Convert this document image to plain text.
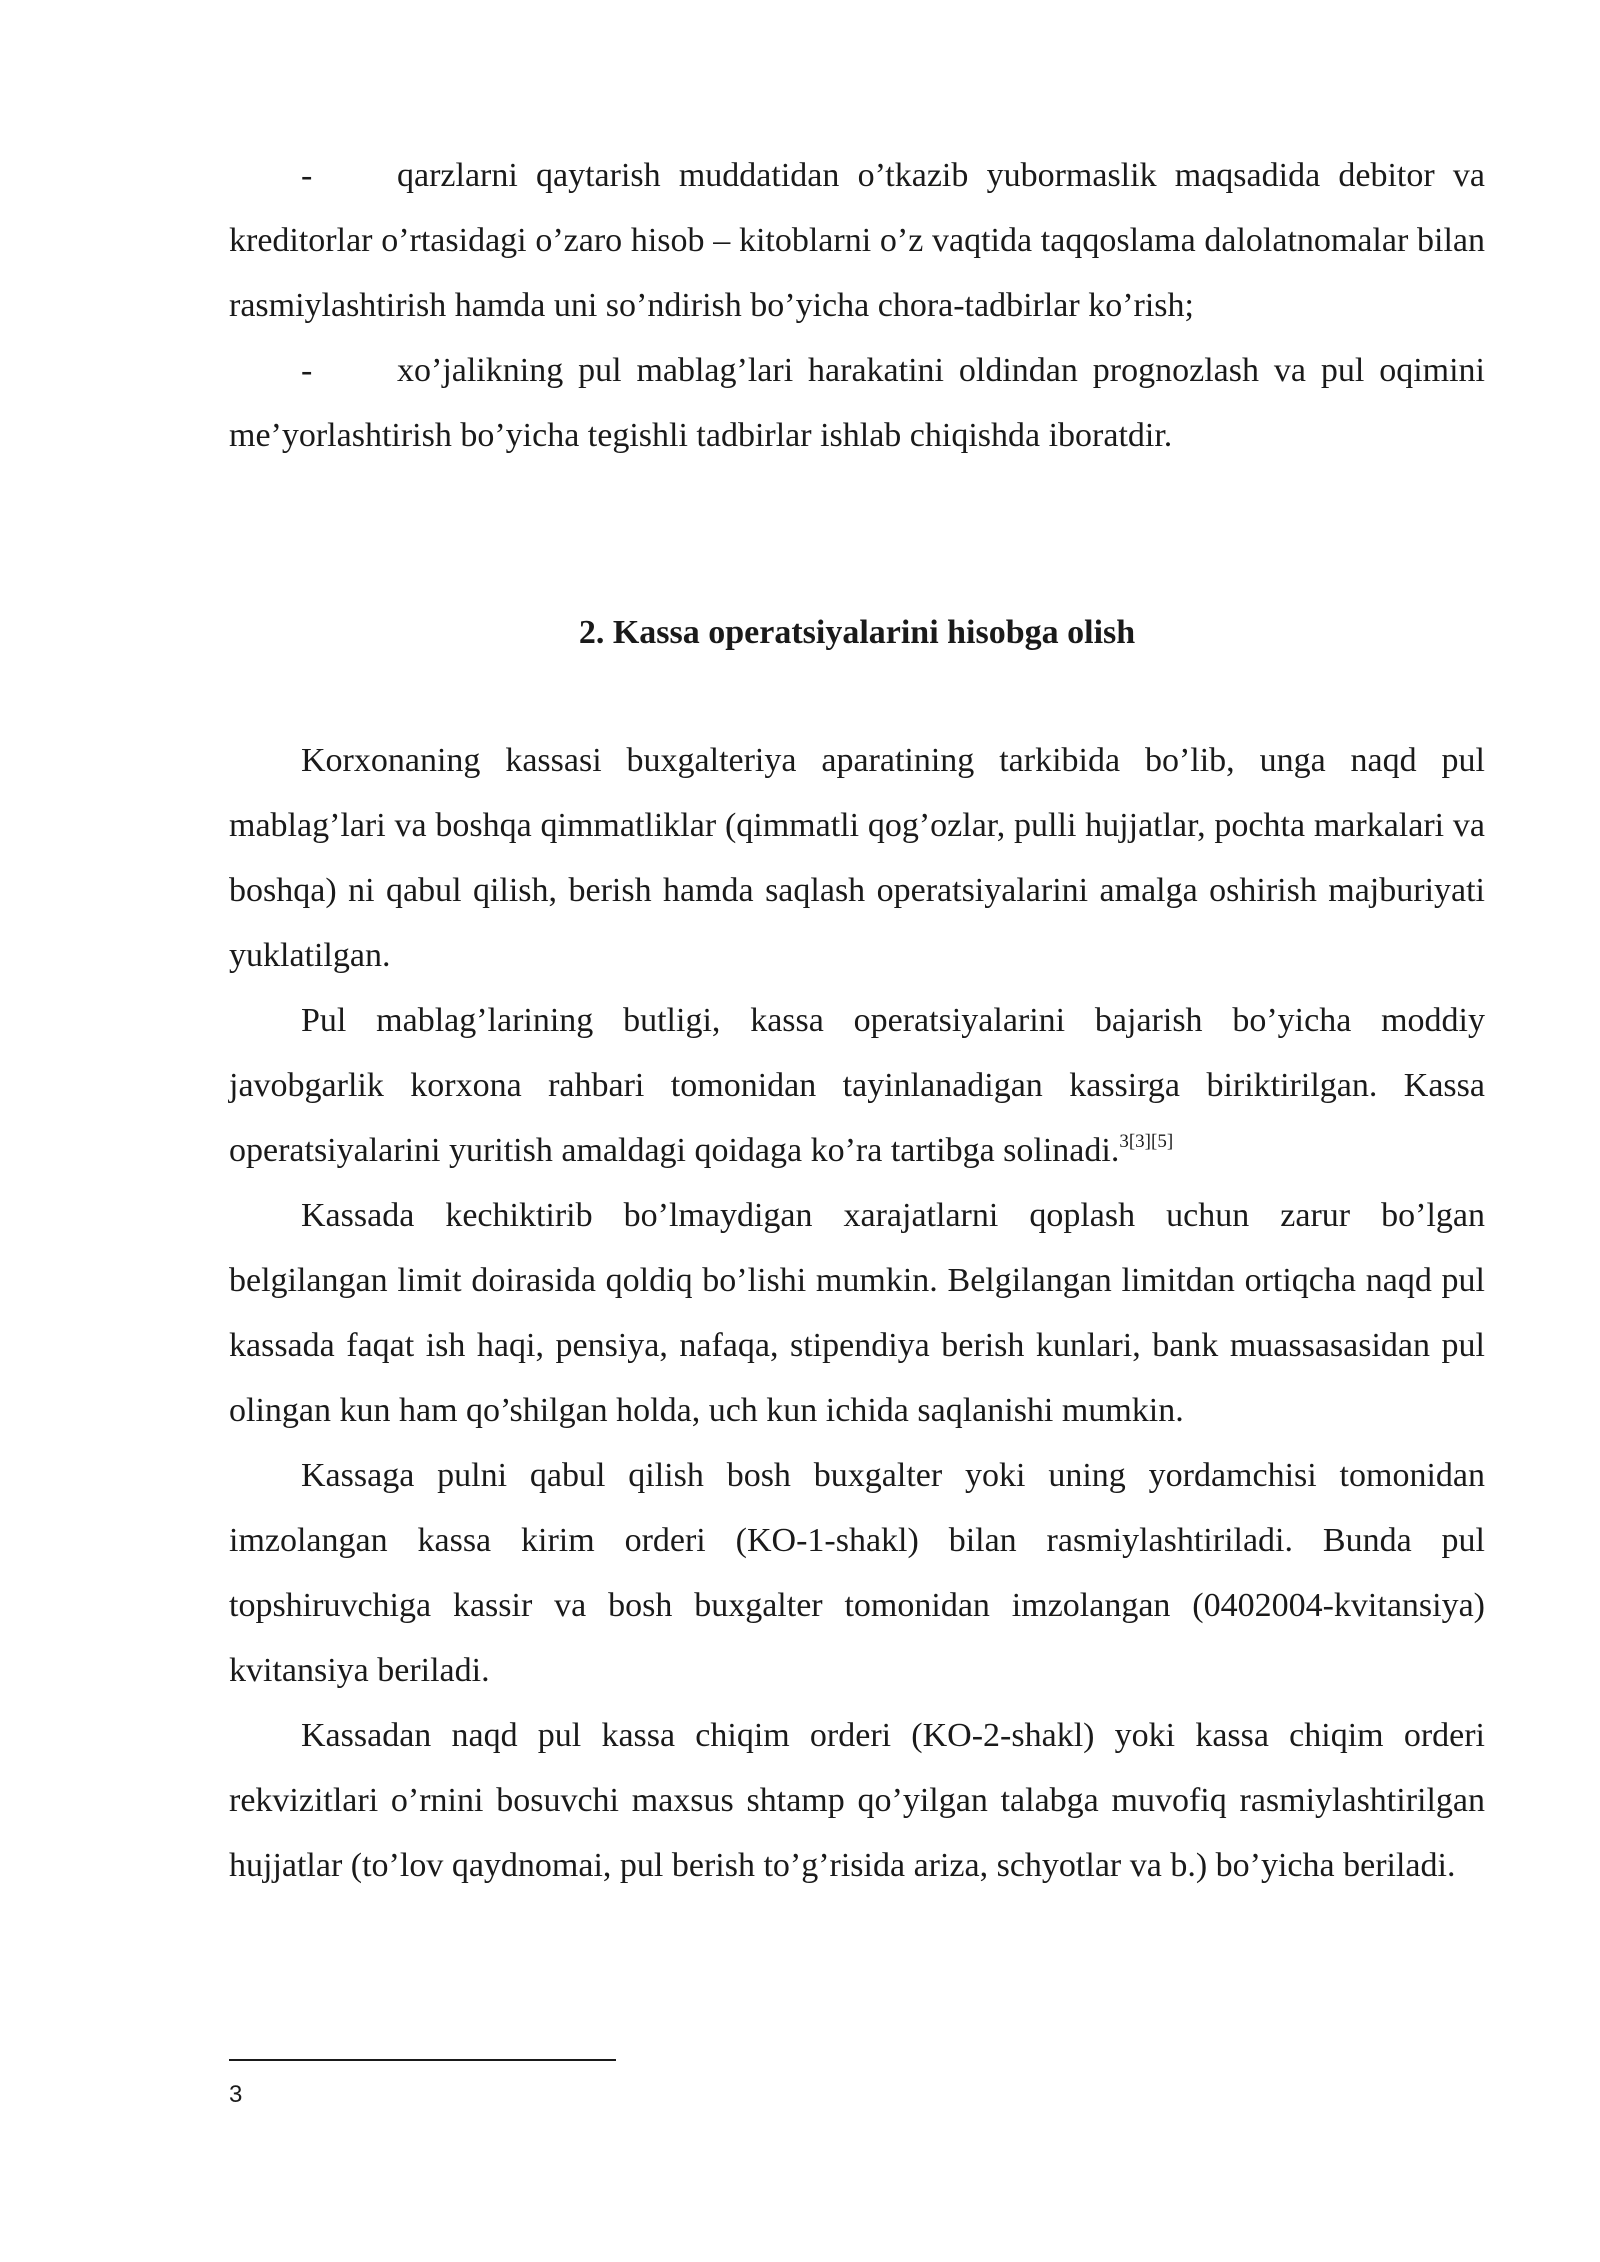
- qarzlarni qaytarish muddatidan o’tkazib yubormaslik maqsadida debitor va kreditorlar o’rtasidagi o’zaro hisob – kitoblarni o’z vaqtida taqqoslama dalolatnomalar bilan rasmiylashtirish hamda uni so’ndirish bo’yicha chora-tadbirlar ko’rish;

- xo’jalikning pul mablag’lari harakatini oldindan prognozlash va pul oqimini me’yorlashtirish bo’yicha tegishli tadbirlar ishlab chiqishda iboratdir.

2. Kassa operatsiyalarini hisobga olish

Korxonaning kassasi buxgalteriya aparatining tarkibida bo’lib, unga naqd pul mablag’lari va boshqa qimmatliklar (qimmatli qog’ozlar, pulli hujjatlar, pochta markalari va boshqa) ni qabul qilish, berish hamda saqlash operatsiyalarini amalga oshirish majburiyati yuklatilgan.

Pul mablag’larining butligi, kassa operatsiyalarini bajarish bo’yicha moddiy javobgarlik korxona rahbari tomonidan tayinlanadigan kassirga biriktirilgan. Kassa operatsiyalarini yuritish amaldagi qoidaga ko’ra tartibga solinadi.$^{3[3][5]}$

Kassada kechiktirib bo’lmaydigan xarajatlarni qoplash uchun zarur bo’lgan belgilangan limit doirasida qoldiq bo’lishi mumkin. Belgilangan limitdan ortiqcha naqd pul kassada faqat ish haqi, pensiya, nafaqa, stipendiya berish kunlari, bank muassasasidan pul olingan kun ham qo’shilgan holda, uch kun ichida saqlanishi mumkin.

Kassaga pulni qabul qilish bosh buxgalter yoki uning yordamchisi tomonidan imzolangan kassa kirim orderi (KO-1-shakl) bilan rasmiylashtiriladi. Bunda pul topshiruvchiga kassir va bosh buxgalter tomonidan imzolangan (0402004-kvitansiya) kvitansiya beriladi.

Kassadan naqd pul kassa chiqim orderi (KO-2-shakl) yoki kassa chiqim orderi rekvizitlari o’rnini bosuvchi maxsus shtamp qo’yilgan talabga muvofiq rasmiylashtirilgan hujjatlar (to’lov qaydnomai, pul berish to’g’risida ariza, schyotlar va b.) bo’yicha beriladi.

3
